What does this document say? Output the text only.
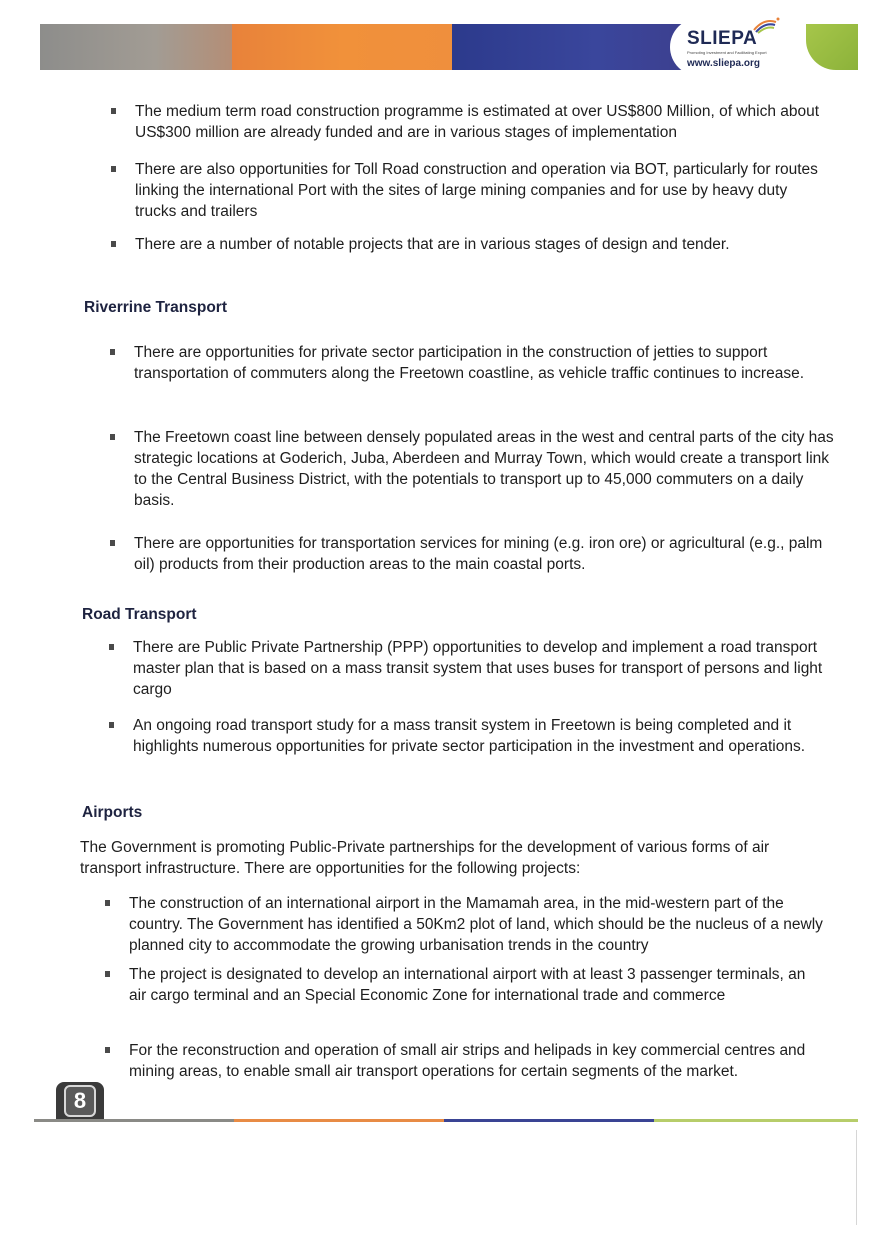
SLIEPA
Promoting Investment and Facilitating Export
www.sliepa.org
The medium term road construction programme is estimated at over US$800 Million, of which about US$300 million are already funded and are in various stages of implementation
There are also opportunities for Toll Road construction and operation via BOT, particularly for routes linking the international Port with the sites of large mining companies and for use by heavy duty trucks and trailers
There are a number of notable projects that are in various stages of design and tender.
Riverrine Transport
There are opportunities for private sector participation in the construction of jetties to support transportation of commuters along the Freetown coastline, as vehicle traffic continues to increase.
The Freetown coast line between densely populated areas in the west and central parts of the city has strategic locations at Goderich, Juba, Aberdeen and Murray Town, which would create a transport link to the Central Business District, with the potentials to transport up to 45,000 commuters on a daily basis.
There are opportunities for transportation services for mining (e.g. iron ore) or agricultural (e.g., palm oil) products from their production areas to the main coastal ports.
Road Transport
There are Public Private Partnership (PPP) opportunities to develop and implement a road transport master plan that is based on a mass transit system that uses buses for transport of persons and light cargo
An ongoing road transport study for a mass transit system in Freetown is being completed and it highlights numerous opportunities for private sector participation in the investment and operations.
Airports
The Government is promoting Public-Private partnerships for the development of various forms of air transport infrastructure. There are opportunities for the following projects:
The construction of an international airport in the Mamamah area, in the mid-western part of the country. The Government has identified a 50Km2 plot of land, which should be the nucleus of a newly planned city to accommodate the growing urbanisation trends in the country
The project is designated to develop an international airport with at least 3 passenger terminals, an air cargo terminal and an Special Economic Zone for international trade and commerce
For the reconstruction and operation of small air strips and helipads in key commercial centres and mining areas, to enable small air transport operations for certain segments of the market.
8
